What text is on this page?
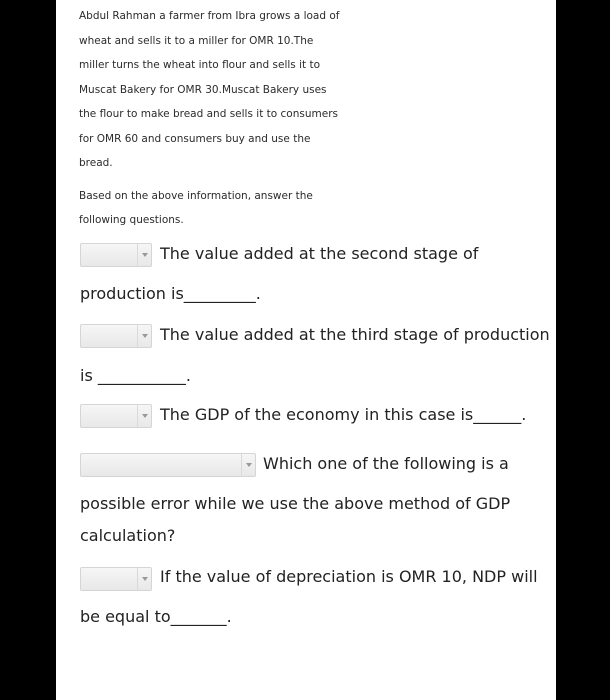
Abdul Rahman a farmer from Ibra grows a load of
wheat and sells it to a miller for OMR 10.The
miller turns the wheat into flour and sells it to
Muscat Bakery for OMR 30.Muscat Bakery uses
the flour to make bread and sells it to consumers
for OMR 60 and consumers buy and use the
bread.
Based on the above information, answer the
following questions.
The value added at the second stage of
production is_________.
The value added at the third stage of production
is ___________.
The GDP of the economy in this case is______.
Which one of the following is a
possible error while we use the above method of GDP
calculation?
If the value of depreciation is OMR 10, NDP will
be equal to_______.
